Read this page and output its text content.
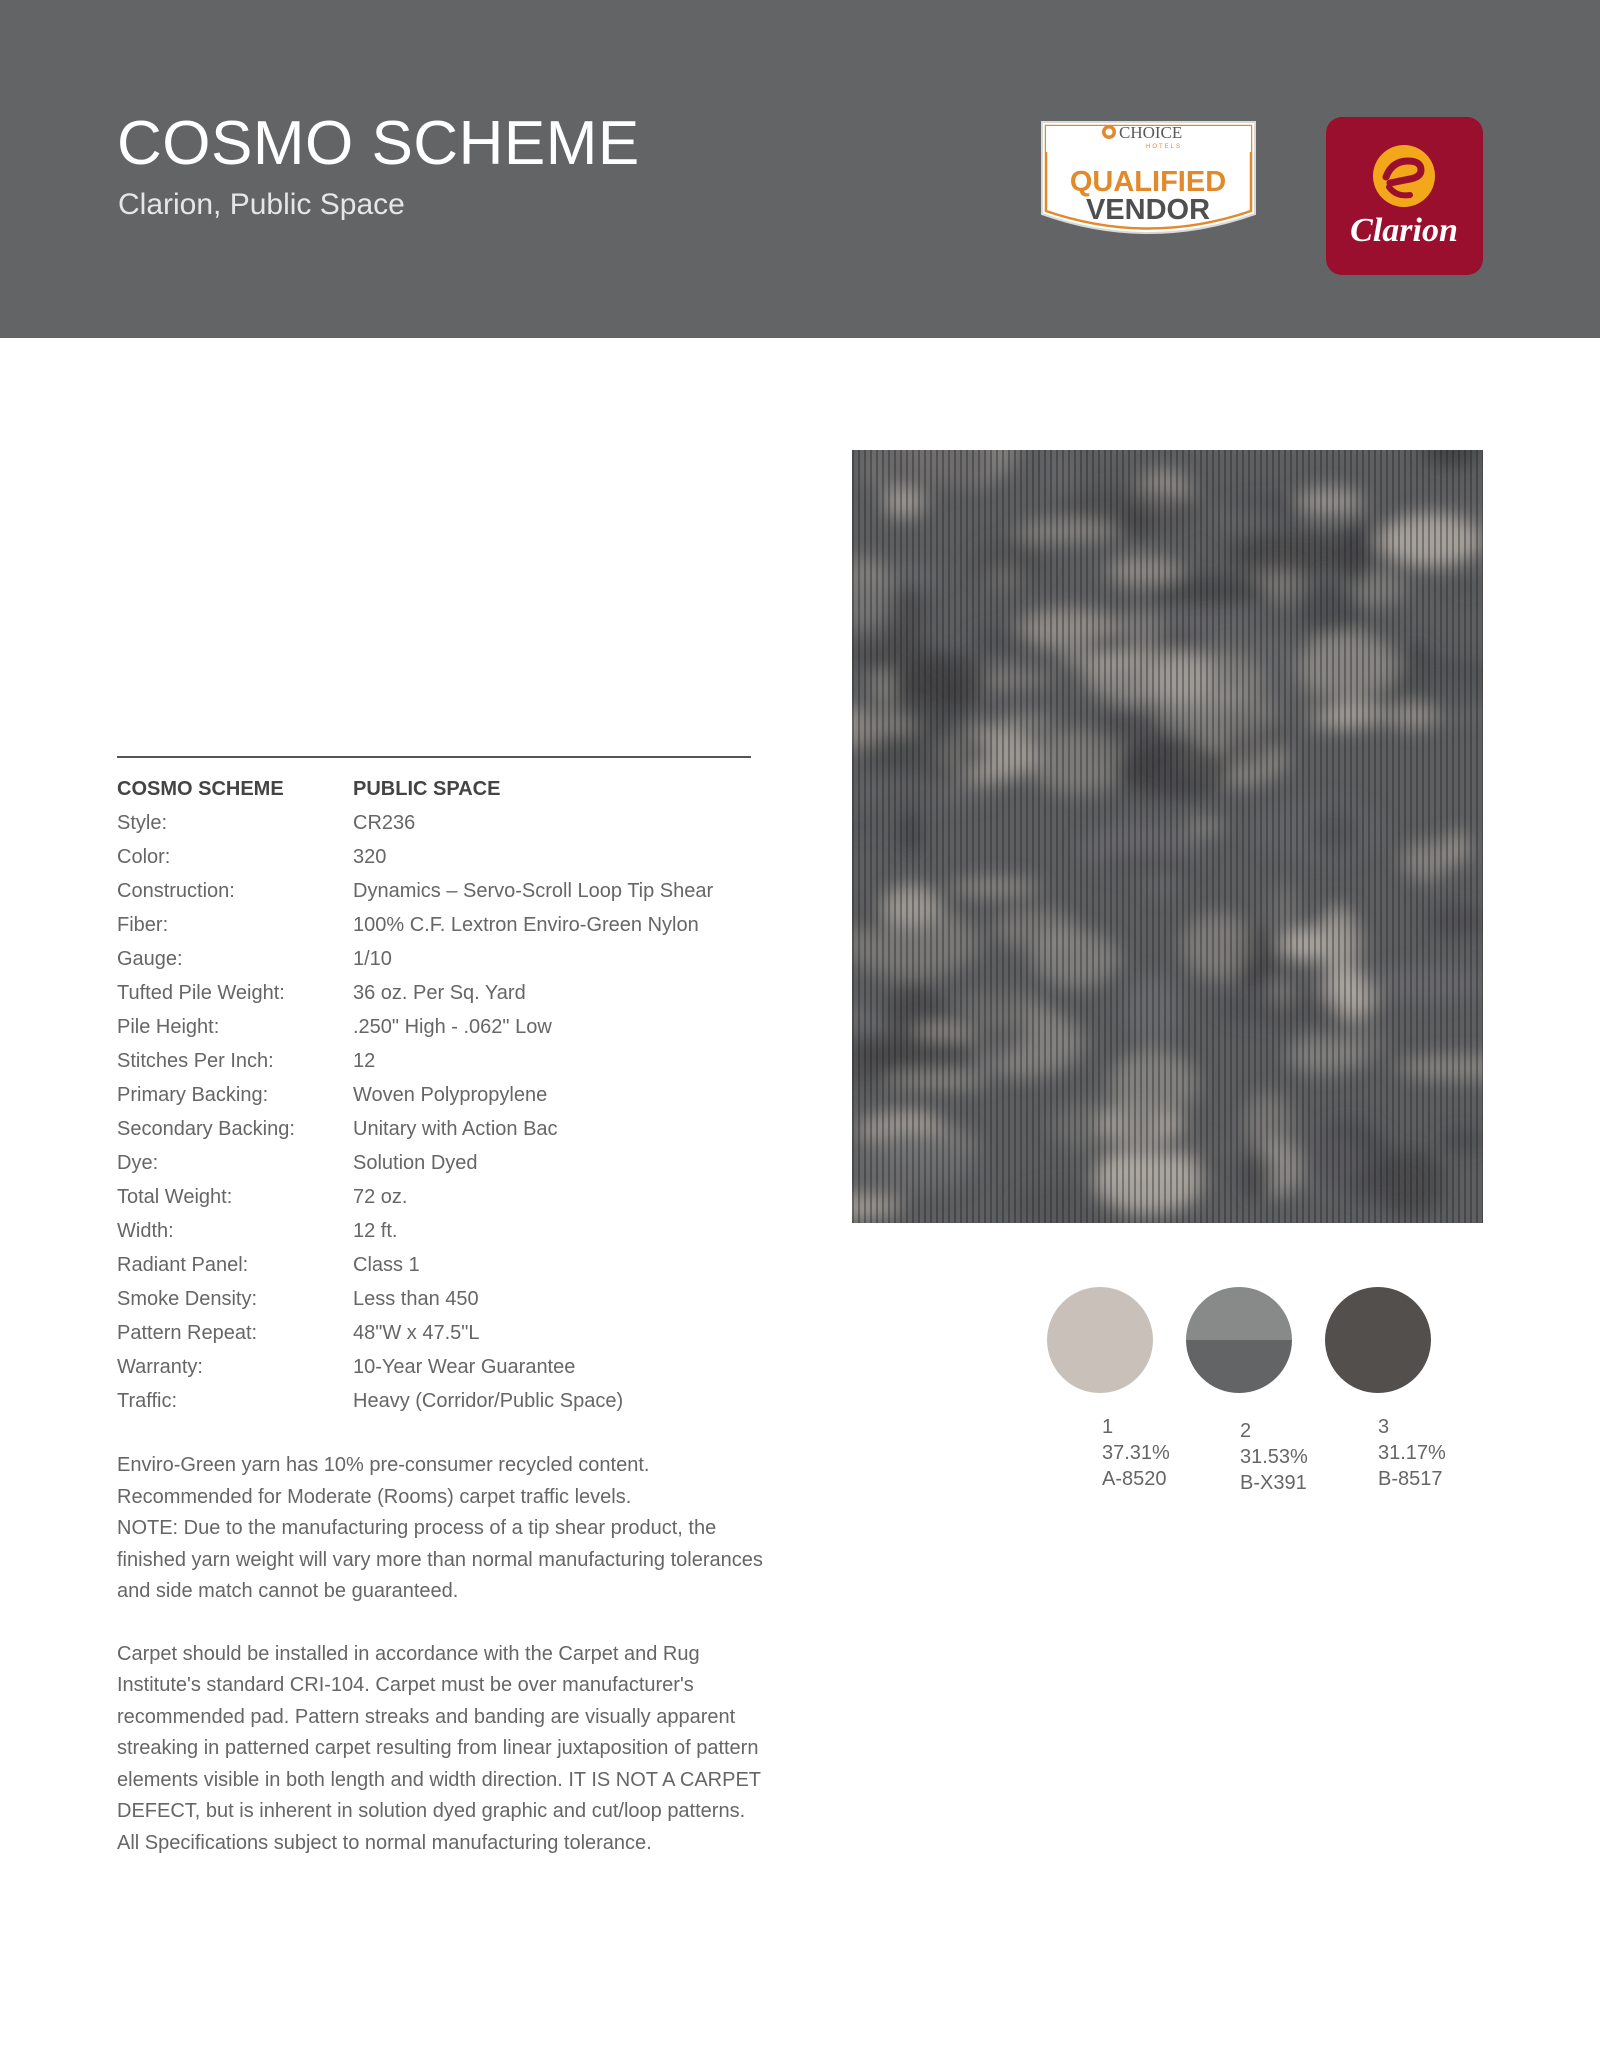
COSMO SCHEME

Clarion, Public Space

CHOICE
HOTELS
QUALIFIED
VENDOR
Clarion
COSMO SCHEME	PUBLIC SPACE
Style:	CR236
Color:	320
Construction:	Dynamics – Servo-Scroll Loop Tip Shear
Fiber:	100% C.F. Lextron Enviro-Green Nylon
Gauge:	1/10
Tufted Pile Weight:	36 oz. Per Sq. Yard
Pile Height:	.250" High - .062" Low
Stitches Per Inch:	12
Primary Backing:	Woven Polypropylene
Secondary Backing:	Unitary with Action Bac
Dye:	Solution Dyed
Total Weight:	72 oz.
Width:	12 ft.
Radiant Panel:	Class 1
Smoke Density:	Less than 450
Pattern Repeat:	48"W x 47.5"L
Warranty:	10-Year Wear Guarantee
Traffic:	Heavy (Corridor/Public Space)

Enviro-Green yarn has 10% pre-consumer recycled content.
Recommended for Moderate (Rooms) carpet traffic levels.
NOTE: Due to the manufacturing process of a tip shear product, the
finished yarn weight will vary more than normal manufacturing tolerances
and side match cannot be guaranteed.

Carpet should be installed in accordance with the Carpet and Rug
Institute's standard CRI-104. Carpet must be over manufacturer's
recommended pad. Pattern streaks and banding are visually apparent
streaking in patterned carpet resulting from linear juxtaposition of pattern
elements visible in both length and width direction. IT IS NOT A CARPET
DEFECT, but is inherent in solution dyed graphic and cut/loop patterns.
All Specifications subject to normal manufacturing tolerance.

1
37.31%
A-8520
2
31.53%
B-X391
3
31.17%
B-8517
